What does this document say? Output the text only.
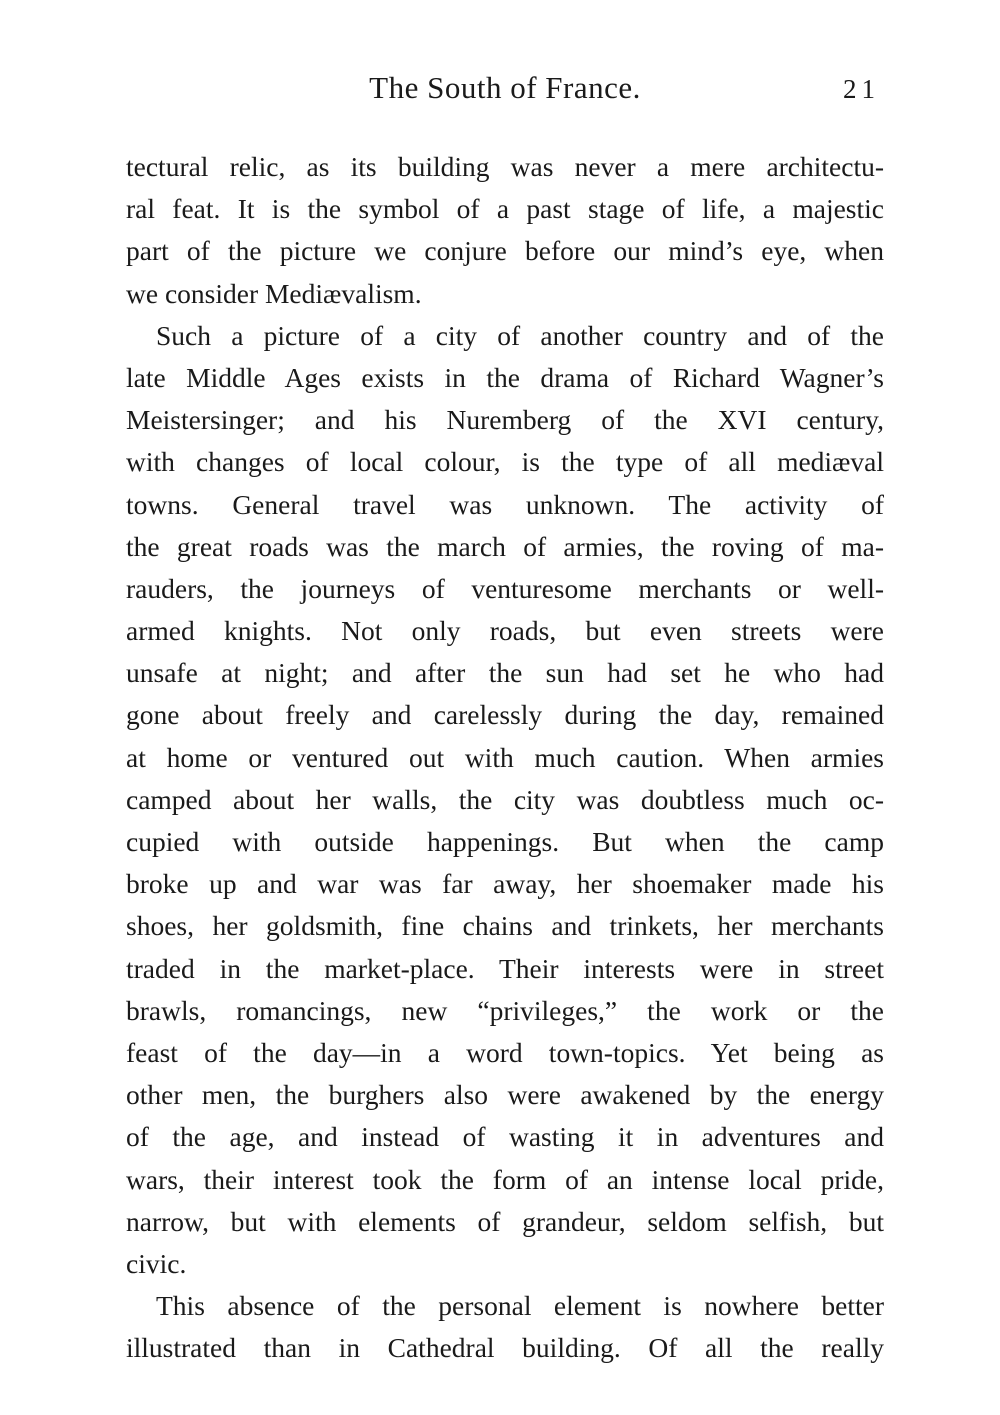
The South of France.	21
tectural relic, as its building was never a mere architectu-
ral feat. It is the symbol of a past stage of life, a majestic
part of the picture we conjure before our mind’s eye, when
we consider Mediævalism.
Such a picture of a city of another country and of the
late Middle Ages exists in the drama of Richard Wagner’s
Meistersinger; and his Nuremberg of the XVI century,
with changes of local colour, is the type of all mediæval
towns. General travel was unknown. The activity of
the great roads was the march of armies, the roving of ma-
rauders, the journeys of venturesome merchants or well-
armed knights. Not only roads, but even streets were
unsafe at night; and after the sun had set he who had
gone about freely and carelessly during the day, remained
at home or ventured out with much caution. When armies
camped about her walls, the city was doubtless much oc-
cupied with outside happenings. But when the camp
broke up and war was far away, her shoemaker made his
shoes, her goldsmith, fine chains and trinkets, her merchants
traded in the market-place. Their interests were in street
brawls, romancings, new “privileges,” the work or the
feast of the day—in a word town-topics. Yet being as
other men, the burghers also were awakened by the energy
of the age, and instead of wasting it in adventures and
wars, their interest took the form of an intense local pride,
narrow, but with elements of grandeur, seldom selfish, but
civic.
This absence of the personal element is nowhere better
illustrated than in Cathedral building. Of all the really
